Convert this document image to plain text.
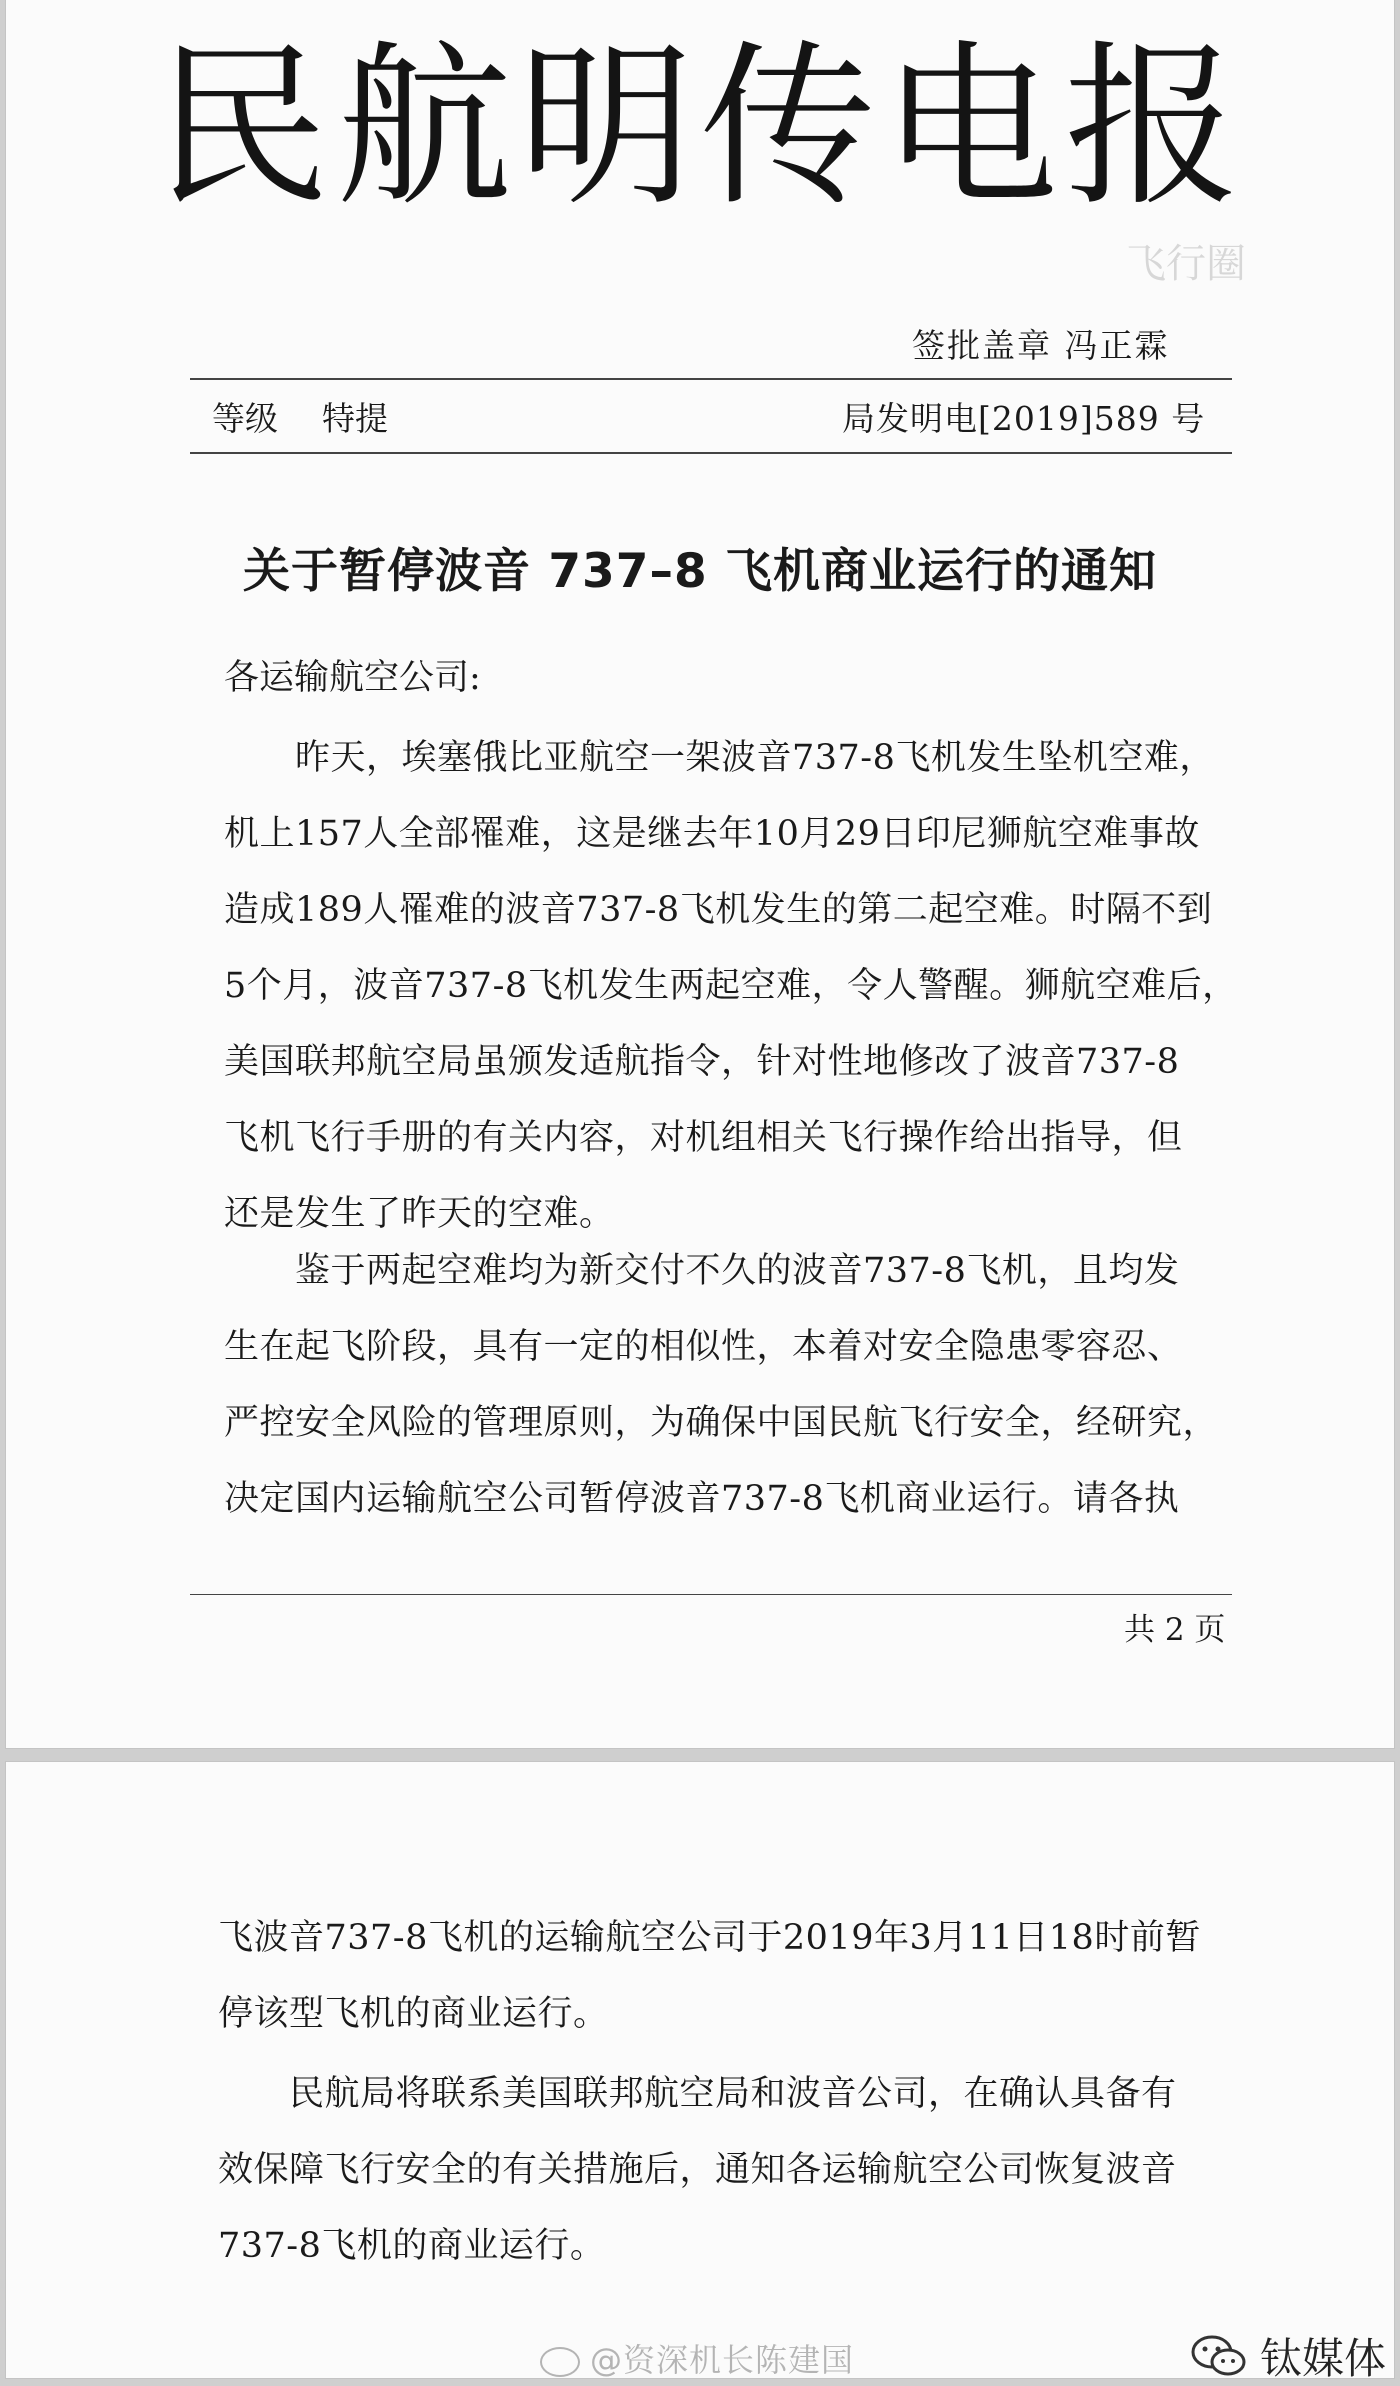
民航明传电报
飞行圈
签批盖章 冯正霖
等级 特提	局发明电[2019]589 号
关于暂停波音 737–8 飞机商业运行的通知
各运输航空公司:
　　昨天，埃塞俄比亚航空一架波音737-8飞机发生坠机空难，
机上157人全部罹难，这是继去年10月29日印尼狮航空难事故
造成189人罹难的波音737-8飞机发生的第二起空难。时隔不到
5个月，波音737-8飞机发生两起空难，令人警醒。狮航空难后，
美国联邦航空局虽颁发适航指令，针对性地修改了波音737-8
飞机飞行手册的有关内容，对机组相关飞行操作给出指导，但
还是发生了昨天的空难。
　　鉴于两起空难均为新交付不久的波音737-8飞机，且均发
生在起飞阶段，具有一定的相似性，本着对安全隐患零容忍、
严控安全风险的管理原则，为确保中国民航飞行安全，经研究，
决定国内运输航空公司暂停波音737-8飞机商业运行。请各执
共 2 页
飞波音737-8飞机的运输航空公司于2019年3月11日18时前暂
停该型飞机的商业运行。
　　民航局将联系美国联邦航空局和波音公司，在确认具备有
效保障飞行安全的有关措施后，通知各运输航空公司恢复波音
737-8飞机的商业运行。
@资深机长陈建国	钛媒体
